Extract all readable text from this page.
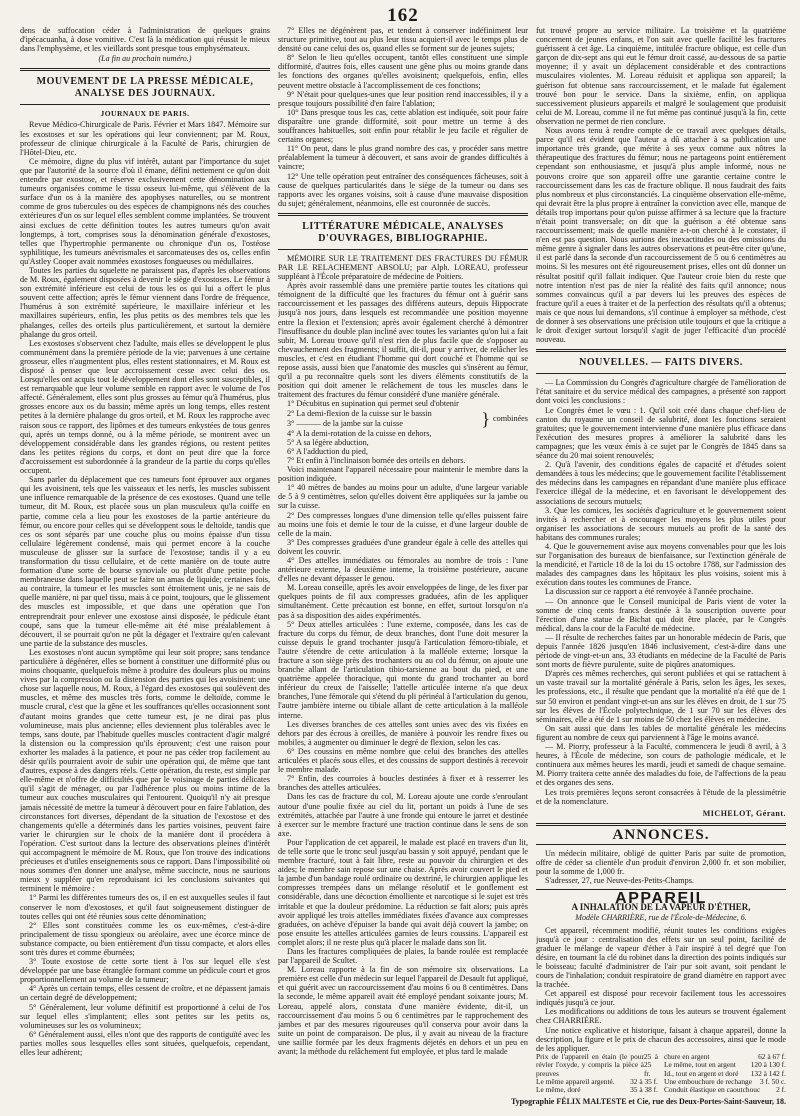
162

dens de suffocation céder à l'administration de quelques grains d'ipécacuanha, à dose vomitive. C'est là la médication qui réussit le mieux dans l'emphysème, et les vieillards sont presque tous emphysémateux.

(La fin au prochain numéro.)
MOUVEMENT DE LA PRESSE MÉDICALE, ANALYSE DES JOURNAUX.
JOURNAUX DE PARIS.

Revue Médico-Chirurgicale de Paris. Février et Mars 1847. Mémoire sur les exostoses et sur les opérations qui leur conviennent; par M. Roux, professeur de clinique chirurgicale à la Faculté de Paris, chirurgien de l'Hôtel-Dieu, etc.

Ce mémoire, digne du plus vif intérêt, autant par l'importance du sujet que par l'autorité de la source d'où il émane, défini nettement ce qu'on doit entendre par exostose, et réserve exclusivement cette dénomination aux tumeurs organisées comme le tissu osseux lui-même, qui s'élèvent de la surface d'un os à la manière des apophyses naturelles, ou se montrent comme de gros tubercules ou des espèces de champignons nés des couches extérieures d'un os sur lequel elles semblent comme implantées. Se trouvent ainsi exclues de cette définition toutes les autres tumeurs qu'on avait longtemps, à tort, comprises sous la dénomination générale d'exostoses, telles que l'hypertrophie permanente ou chronique d'un os, l'ostéose syphilitique, les tumeurs anévrismales et sarcomateuses des os, celles enfin qu'Astley Cooper avait nommées exostoses fongueuses ou médullaires.

Toutes les parties du squelette ne paraissent pas, d'après les observations de M. Roux, également disposées à devenir le siège d'exostoses. Le fémur à son extrémité inférieure est celui de tous les os qui lui a offert le plus souvent cette affection; après le fémur viennent dans l'ordre de fréquence, l'humérus à son extrémité supérieure, le maxillaire inférieur et les maxillaires supérieurs, enfin, les plus petits os des membres tels que les phalanges, celles des orteils plus particulièrement, et surtout la dernière phalange du gros orteil.

Les exostoses s'observent chez l'adulte, mais elles se développent le plus communément dans la première période de la vie; parvenues à une certaine grosseur, elles n'augmentent plus, elles restent stationnaires, et M. Roux est disposé à penser que leur accroissement cesse avec celui des os. Lorsqu'elles ont acquis tout le développement dont elles sont susceptibles, il est remarquable que leur volume semble en rapport avec le volume de l'os affecté. Généralement, elles sont plus grosses au fémur qu'à l'humérus, plus grosses encore aux os du bassin; même après un long temps, elles restent petites à la dernière phalange du gros orteil, et M. Roux les rapproche avec raison sous ce rapport, des lipômes et des tumeurs enkystées de tous genres qui, après un temps donné, ou à la même période, se montrent avec un développement considérable dans les grandes régions, ou restent petites dans les petites régions du corps, et dont on peut dire que la force d'accroissement est subordonnée à la grandeur de la partie du corps qu'elles occupent.

Sans parler du déplacement que ces tumeurs font éprouver aux organes qui les avoisinent, tels que les vaisseaux et les nerfs, les muscles subissent une influence remarquable de la présence de ces exostoses. Quand une telle tumeur, dit M. Roux, est placée sous un plan musculeux qu'la coiffe en partie, comme cela a lieu pour les exostoses de la partie antérieure du fémur, ou encore pour celles qui se développent sous le deltoïde, tandis que ces os sont séparés par une couche plus ou moins épaisse d'un tissu cellulaire légèrement condensé, mais qui permet encore à la couche musculeuse de glisser sur la surface de l'exostose; tandis il y a eu transformation du tissu cellulaire, et de cette manière on de toute autre formation d'une sorte de bourse synoviale ou plutôt d'une petite poche membraneuse dans laquelle peut se faire un amas de liquide; certaines fois, au contraire, la tumeur et les muscles sont étroitement unis, je ne sais de quelle manière, ni par quel tissu, mais à ce point, toujours, que le glissement des muscles est impossible, et que dans une opération que l'on entreprendrait pour enlever une exostose ainsi disposée, le pédicule étant coupé, sans que la tumeur elle-même ait été mise préalablement à découvert, il se pourrait qu'on ne pût la dégager et l'extraire qu'en calevant une partie de la substance des muscles.

Les exostoses n'ont aucun symptôme qui leur soit propre; sans tendance particulière à dégénérer, elles se bornent à constituer une difformité plus ou moins choquante, quelquefois même à produire des douleurs plus ou moins vives par la compression ou la distension des parties qui les avoisinent: une chose sur laquelle nous, M. Roux, à l'égard des exostoses qui soulèvent des muscles, et même des muscles très forts, comme le deltoïde, comme le muscle crural, c'est que la gêne et les souffrances qu'elles occasionnent sont d'autant moins grandes que cette tumeur est, je ne dirai pas plus volumineuse, mais plus ancienne; elles deviennent plus tolérables avec le temps, sans doute, par l'habitude quelles muscles contractent d'agir malgré la distension ou la compression qu'ils éprouvent; c'est une raison pour exhorter les malades à la patience, et pour ne pas céder trop facilement au désir qu'ils pourraient avoir de subir une opération qui, de même que tant d'autres, expose à des dangers réels. Cette opération, du reste, est simple par elle-même et n'offre de difficultés que par le voisinage de parties délicates qu'il s'agit de ménager, ou par l'adhérence plus ou moins intime de la tumeur aux couches musculaires qui l'entourent. Quoiqu'il n'y ait presque jamais nécessité de mettre la tumeur à découvert pour en faire l'ablation, des circonstances fort diverses, dépendant de la situation de l'exostose et des changements qu'elle a déterminés dans les parties voisines, peuvent faire varier le chirurgien sur le choix de la manière dont il procédera à l'opération. C'est surtout dans la lecture des observations pleines d'intérêt qui accompagnent le mémoire de M. Roux, que l'on trouve des indications précieuses et d'utiles enseignements sous ce rapport. Dans l'impossibilité où nous sommes d'en donner une analyse, même succincte, nous ne saurions mieux y suppléer qu'en reproduisant ici les conclusions suivantes qui terminent le mémoire :

1° Parmi les différentes tumeurs des os, il en est auxquelles seules il faut conserver le nom d'exostoses, et qu'il faut soigneusement distinguer de toutes celles qui ont été réunies sous cette dénomination;

2° Elles sont constituées comme les os eux-mêmes, c'est-à-dire principalement de tissu spongieux ou aréolaire, avec une écorce mince de substance compacte, ou bien entièrement d'un tissu compacte, et alors elles sont très dures et comme éburnées;

3° Toute exostose de cette sorte tient à l'os sur lequel elle s'est développée par une base étranglée formant comme un pédicule court et gros proportionnellement au volume de la tumeur;

4° Après un certain temps, elles cessent de croître, et ne dépassent jamais un certain degré de développement;

5° Généralement, leur volume définitif est proportionné à celui de l'os sur lequel elles s'implantent; elles sont petites sur les petits os, volumineuses sur les os volumineux;

6° Généralement aussi, elles n'ont que des rapports de contiguïté avec les parties molles sous lesquelles elles sont situées, quelquefois, cependant, elles leur adhèrent;

7° Elles ne dégénèrent pas, et tendent à conserver indéfiniment leur structure primitive, tout au plus leur tissu acquiert-il avec le temps plus de densité ou cane celui des os, quand elles se forment sur de jeunes sujets;

8° Selon le lieu qu'elles occupent, tantôt elles constituent une simple difformité, d'autres fois, elles causent une gêne plus ou moins grande dans les fonctions des organes qu'elles avoisinent; quelquefois, enfin, elles peuvent mettre obstacle à l'accomplissement de ces fonctions;

9° N'était pour quelques-unes que leur position rend inaccessibles, il y a presque toujours possibilité d'en faire l'ablation;

10° Dans presque tous les cas, cette ablation est indiquée, soit pour faire disparaître une grande difformité, soit pour mettre un terme à des souffrances habituelles, soit enfin pour rétablir le jeu facile et régulier de certains organes;

11° On peut, dans le plus grand nombre des cas, y procéder sans mettre préalablement la tumeur à découvert, et sans avoir de grandes difficultés à vaincre;

12° Une telle opération peut entraîner des conséquences fâcheuses, soit à cause de quelques particularités dans le siège de la tumeur ou dans ses rapports avec les organes voisins, soit à cause d'une mauvaise disposition du sujet; généralement, néanmoins, elle est couronnée de succès.

LITTÉRATURE MÉDICALE, ANALYSES D'OUVRAGES, BIBLIOGRAPHIE.

MÉMOIRE SUR LE TRAITEMENT DES FRACTURES DU FÉMUR PAR LE RELACHEMENT ABSOLU; par Alph. LOREAU, professeur suppléant à l'École préparatoire de médecine de Poitiers.

Après avoir rassemblé dans une première partie toutes les citations qui témoignent de la difficulté que les fractures du fémur ont à guérir sans raccourcissement et les passages des différens auteurs, depuis Hippocrate jusqu'à nos jours, dans lesquels est recommandée une position moyenne entre la flexion et l'extension; après avoir également cherché à démontrer l'insuffisance du double plan incliné avec toutes les variantes qu'on lui a fait subir, M. Loreau trouve qu'il n'est rien de plus facile que de s'opposer au chevauchement des fragments; il suffit, dit-il, pour y arriver, de relâcher les muscles, et c'est en étudiant l'homme qui dort couché et l'homme qui se repose assis, aussi bien que l'anatomie des muscles qui s'insèrent au fémur, qu'il a pu reconnaître quels sont les divers éléments constitutifs de la position qui doit amener le relâchement de tous les muscles dans le traitement des fractures du fémur considéré d'une manière générale.

1° Décubitus en supination qui permet seul d'obtenir

2° La demi-flexion de la cuisse sur le bassin
3° ——— de la jambe sur la cuisse	} combinées
4° A la demi-rotation de la cuisse en dehors,
5° A sa légère abduction,
6° A l'adduction du pied,
7° Et enfin à l'inclinaison bornée des orteils en dehors.

Voici maintenant l'appareil nécessaire pour maintenir le membre dans la position indiquée.

1° 40 mètres de bandes au moins pour un adulte, d'une largeur variable de 5 à 9 centimètres, selon qu'elles doivent être appliquées sur la jambe ou sur la cuisse.

2° Des compresses longues d'une dimension telle qu'elles puissent faire au moins une fois et demie le tour de la cuisse, et d'une largeur double de celle de la main.

3° Des compresses graduées d'une grandeur égale à celle des attelles qui doivent les couvrir.

4° Des attelles immédiates ou fémorales au nombre de trois : l'une antérieure externe, la deuxième interne, la troisième postérieure, aucune d'elles ne devant dépasser le genou.

M. Loreau conseille, après les avoir enveloppées de linge, de les fixer par quelques points de fil aux compresses graduées, afin de les appliquer simultanément. Cette précaution est bonne, en effet, surtout lorsqu'on n'a pas à sa disposition des aides expérimentés.

5° Deux attelles articulées : l'une externe, composée, dans les cas de fracture du corps du fémur, de deux branches, dont l'une doit mesurer la cuisse depuis le grand trochanter jusqu'à l'articulation fémoro-tibiale, et l'autre s'étendre de cette articulation à la malléole externe; lorsque la fracture a son siège près des trochanters ou au col du fémur, on ajoute une branche allant de l'articulation tibio-tarsienne au bout du pied, et une quatrième appelée thoracique, qui monte du grand trochanter au bord inférieur du creux de l'aisselle; l'attelle articulée interne n'a que deux branches, l'une fémorale qui s'étend du pli périnéal à l'articulation du genou, l'autre jambière interne ou tibiale allant de cette articulation à la malléole interne.

Les diverses branches de ces attelles sont unies avec des vis fixées en dehors par des écrous à oreilles, de manière à pouvoir les rendre fixes ou mobiles, à augmenter ou diminuer le degré de flexion, selon les cas.

6° Des coussins en même nombre que celui des branches des attelles articulées et placés sous elles, et des coussins de support destinés à recevoir le membre malade.

7° Enfin, des courroies à boucles destinées à fixer et à resserrer les branches des attelles articulées.

Dans les cas de fracture du col, M. Loreau ajoute une corde s'enroulant autour d'une poulie fixée au ciel du lit, portant un poids à l'une de ses extrémités, attachée par l'autre à une fronde qui entoure le jarret et destinée à exercer sur le membre fracturé une traction continue dans le sens de son axe.

Pour l'application de cet appareil, le malade est placé en travers d'un lit, de telle sorte que le tronc seul jusqu'au bassin y soit appuyé, pendant que le membre fracturé, tout à fait libre, reste au pouvoir du chirurgien et des aides; le membre sain repose sur une chaise. Après avoir couvert le pied et la jambe d'un bandage roulé ordinaire ou dextriné, le chirurgien applique les compresses trempées dans un mélange résolutif et le gonflement est considérable, dans une décoction émolliente et narcotique si le sujet est très irritable et que la douleur prédomine. La réduction se fait alors; puis après avoir appliqué les trois attelles immédiates fixées d'avance aux compresses graduées, on achève d'épuiser la bande qui avait déjà couvert la jambe; on pose ensuite les attelles articulées garnies de leurs coussins. L'appareil est complet alors; il ne reste plus qu'à placer le malade dans son lit.

Dans les fractures compliquées de plaies, la bande roulée est remplacée par l'appareil de Scultet.

M. Loreau rapporte à la fin de son mémoire six observations. La première est celle d'un médecin sur lequel l'appareil de Desault fut appliqué, et qui guérit avec un raccourcissement d'au moins 6 ou 8 centimètres. Dans la seconde, le même appareil avait été employé pendant soixante jours; M. Loreau, appelé alors, constata d'une manière évidente, dit-il, un raccourcissement d'au moins 5 ou 6 centimètres par le rapprochement des jambes et par des mesures rigoureuses qu'il conserva pour avoir dans la suite un point de comparaison. De plus, il y avait au niveau de la fracture une saillie formée par les deux fragments déjetés en dehors et un peu en avant; la méthode du relâchement fut employée, et plus tard le malade

fut trouvé propre au service militaire. La troisième et la quatrième concernent de jeunes enfans, et l'on sait avec quelle facilité les fractures guérissent à cet âge. La cinquième, intitulée fracture oblique, est celle d'un garçon de dix-sept ans qui eut le fémur droit cassé, au-dessous de sa partie moyenne; il y avait un déplacement considérable et des contractions musculaires violentes. M. Loreau réduisit et appliqua son appareil; la guérison fut obtenue sans raccourcissement, et le malade fut également trouvé bon pour le service. Dans la sixième, enfin, on appliqua successivement plusieurs appareils et malgré le soulagement que produisit celui de M. Loreau, comme il ne fut même pas continué jusqu'à la fin, cette observation ne permet de rien conclure.

Nous avons tenu à rendre compte de ce travail avec quelques détails, parce qu'il est évident que l'auteur a dû attacher à sa publication une importance très grande, que mérite à ses yeux comme aux nôtres la thérapeutique des fractures du fémur; nous ne partageons point entièrement cependant son enthousiasme, et jusqu'à plus ample informé, nous ne pouvons croire que son appareil offre une garantie certaine contre le raccourcissement dans les cas de fracture oblique. Il nous faudrait des faits plus nombreux et plus circonstanciés. La cinquième observation elle-même, qui devrait être la plus propre à entraîner la conviction avec elle, manque de détails trop importans pour qu'on puisse affirmer à sa lecture que la fracture n'était point transversale; on dit que la guérison a été obtenue sans raccourcissement; mais de quelle manière a-t-on cherché à le constater, il n'en est pas question. Nous aurions des inexactitudes ou des omissions du même genre à signaler dans les autres observations et peut-être citer qu'une, il est parlé dans la seconde d'un raccourcissement de 5 ou 6 centimètres au moins. Si les mesures ont été rigoureusement prises, elles ont dû donner un résultat positif qu'il fallait indiquer. Que l'auteur croie bien du reste que notre intention n'est pas de nier la réalité des faits qu'il annonce; nous sommes convaincus qu'il a par devers lui les preuves des espèces de fracture qu'il a eues à traiter et de la perfection des résultats qu'il a obtenus; mais ce que nous lui demandons, s'il continue à employer sa méthode, c'est de donner à ses observations une précision utile toujours et que la critique a le droit d'exiger surtout lorsqu'il s'agit de juger l'efficacité d'un procédé nouveau.

NOUVELLES. — FAITS DIVERS.

— La Commission du Congrès d'agriculture chargée de l'amélioration de l'état sanitaire et du service médical des campagnes, a présenté son rapport dont voici les conclusions :

Le Congrès émet le vœu : 1. Qu'il soit créé dans chaque chef-lieu de canton du royaume un conseil de salubrité, dont les fonctions seraient gratuites; que le gouvernement intervienne d'une manière plus efficace dans l'exécution des mesures propres à améliorer la salubrité dans les campagnes; que les vœux émis à ce sujet par le Congrès de 1845 dans sa séance du 20 mai soient renouvelés;

2. Qu'à l'avenir, des conditions égales de capacité et d'études soient demandées à tous les médecins; que le gouvernement facilite l'établissement des médecins dans les campagnes en répandant d'une manière plus efficace l'exercice illégal de la médecine, et en favorisant le développement des associations de secours mutuels;

3. Que les comices, les sociétés d'agriculture et le gouvernement soient invités à rechercher et à encourager les moyens les plus utiles pour organiser les associations de secours mutuels au profit de la santé des habitans des communes rurales;

4. Que le gouvernement avise aux moyens convenables pour que les lois sur l'organisation des bureaux de bienfaisance, sur l'extinction générale de la mendicité, et l'article 18 de la loi du 15 octobre 1788, sur l'admission des malades des campagnes dans les hôpitaux les plus voisins, soient mis à exécution dans toutes les communes de France.

La discussion sur ce rapport a été renvoyée à l'année prochaine.

— On annonce que le Conseil municipal de Paris vient de voter la somme de cinq cents francs destinée à la souscription ouverte pour l'érection d'une statue de Bichat qui doit être placée, par le Congrès médical, dans la cour de la Faculté de médecine.

— Il résulte de recherches faites par un honorable médecin de Paris, que depuis l'année 1826 jusqu'en 1846 inclusivement, c'est-à-dire dans une période de vingt-et-un ans, 33 étudiants en médecine de la Faculté de Paris sont morts de fièvre purulente, suite de piqûres anatomiques.

D'après ces mêmes recherches, qui seront publiées et qui se rattachent à un vaste travail sur la mortalité générale à Paris, selon les âges, les sexes, les professions, etc., il résulte que pendant que la mortalité n'a été que de 1 sur 50 environ et pendant vingt-et-un ans sur les élèves en droit, de 1 sur 75 sur les élèves de l'École polytechnique, de 1 sur 70 sur les élèves des séminaires, elle a été de 1 sur moins de 50 chez les élèves en médecine.

On sait aussi que dans les tables de mortalité générale les médecins figurent au nombre de ceux qui parviennent à l'âge le moins avancé.

— M. Piorry, professeur à la Faculté, commencera le jeudi 8 avril, à 3 heures, à l'École de médecine, son cours de pathologie médicale, et le continuera aux mêmes heures les mardi, jeudi et samedi de chaque semaine. M. Piorry traitera cette année des maladies du foie, de l'affections de la peau et des organes des sens.

Les trois premières leçons seront consacrées à l'étude de la plessimétrie et de la nomenclature.

MICHELOT, Gérant.
ANNONCES.

Un médecin militaire, obligé de quitter Paris par suite de promotion, offre de céder sa clientèle d'un produit d'environ 2,000 fr. et son mobilier, pour la somme de 1,000 fr.

S'adresser, 27, rue Neuve-des-Petits-Champs.

APPAREIL
A INHALATION DE LA VAPEUR D'ÉTHER,
Modèle CHARRIÈRE, rue de l'École-de-Médecine, 6.

Cet appareil, récemment modifié, réunit toutes les conditions exigées jusqu'à ce jour : centralisation des effets sur un seul point, facilité de graduer le mélange de vapeur d'éther à l'air inspiré à tel degré que l'on désire, en tournant la clé du robinet dans la direction des points indiqués sur le boisseau; faculté d'administrer de l'air pur soit avant, soit pendant le cours de l'inhalation; conduit respiratoire de grand diamètre en rapport avec la trachée.

Cet appareil est disposé pour recevoir facilement tous les accessoires indiqués jusqu'à ce jour.

Les modifications ou additions de tous les auteurs se trouvent également chez CHARRIÈRE.

Une notice explicative et historique, faisant à chaque appareil, donne la description, la figure et le prix de chacun des accessoires, ainsi que le mode de les appliquer.

Prix de l'appareil en étain (le pour révler l'oxyde, y compris la pièce à preuves
25 à 25 fr.
Le même appareil argenté. 32 à 35 f.
Le même, doré	35 à 38 f.
chure en argent	62 à 67 f.
Le même, tout en argent 120 à 130 f.
Id., tout en argent et doré 132 à 142 f.
Une embouchure de rechange 3 f. 50 c.
Conduit élastique en caoutchouc 2 f.

Typographie FÉLIX MALTESTE et Cie, rue des Deux-Portes-Saint-Sauveur, 18.
